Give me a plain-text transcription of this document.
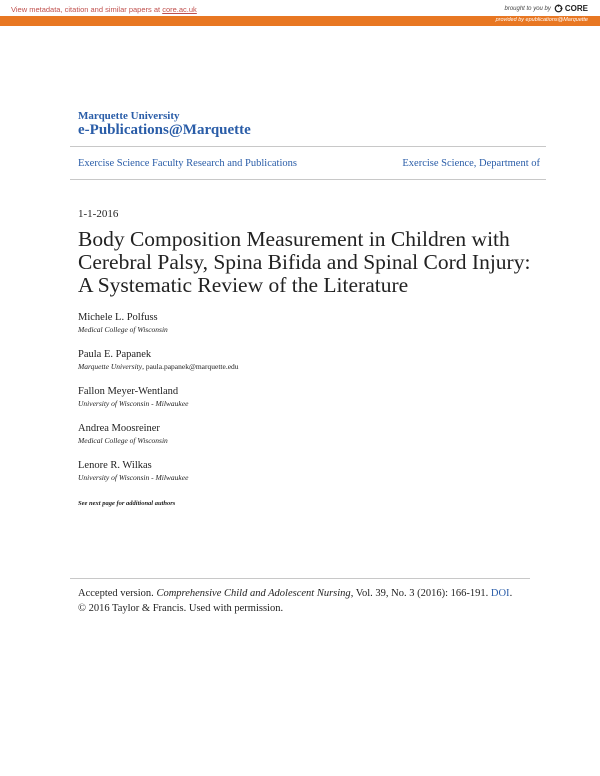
View metadata, citation and similar papers at core.ac.uk	brought to you by CORE
provided by epublications@Marquette
Marquette University
e-Publications@Marquette
Exercise Science Faculty Research and Publications	Exercise Science, Department of
1-1-2016
Body Composition Measurement in Children with Cerebral Palsy, Spina Bifida and Spinal Cord Injury: A Systematic Review of the Literature
Michele L. Polfuss
Medical College of Wisconsin
Paula E. Papanek
Marquette University, paula.papanek@marquette.edu
Fallon Meyer-Wentland
University of Wisconsin - Milwaukee
Andrea Moosreiner
Medical College of Wisconsin
Lenore R. Wilkas
University of Wisconsin - Milwaukee
See next page for additional authors
Accepted version. Comprehensive Child and Adolescent Nursing, Vol. 39, No. 3 (2016): 166-191. DOI.
© 2016 Taylor & Francis. Used with permission.
